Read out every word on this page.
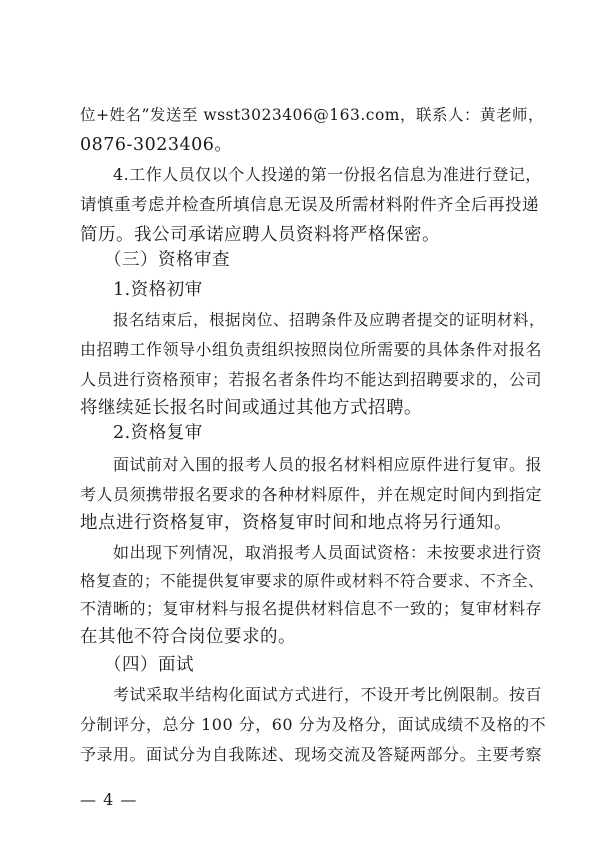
位+姓名”发送至 wsst3023406@163.com，联系人：黄老师，
0876-3023406。
4.工作人员仅以个人投递的第一份报名信息为准进行登记，
请慎重考虑并检查所填信息无误及所需材料附件齐全后再投递
简历。我公司承诺应聘人员资料将严格保密。
（三）资格审查
1.资格初审
报名结束后，根据岗位、招聘条件及应聘者提交的证明材料，
由招聘工作领导小组负责组织按照岗位所需要的具体条件对报名
人员进行资格预审；若报名者条件均不能达到招聘要求的，公司
将继续延长报名时间或通过其他方式招聘。
2.资格复审
面试前对入围的报考人员的报名材料相应原件进行复审。报
考人员须携带报名要求的各种材料原件，并在规定时间内到指定
地点进行资格复审，资格复审时间和地点将另行通知。
如出现下列情况，取消报考人员面试资格：未按要求进行资
格复查的；不能提供复审要求的原件或材料不符合要求、不齐全、
不清晰的；复审材料与报名提供材料信息不一致的；复审材料存
在其他不符合岗位要求的。
（四）面试
考试采取半结构化面试方式进行，不设开考比例限制。按百
分制评分，总分 100 分，60 分为及格分，面试成绩不及格的不
予录用。面试分为自我陈述、现场交流及答疑两部分。主要考察
— 4 —
